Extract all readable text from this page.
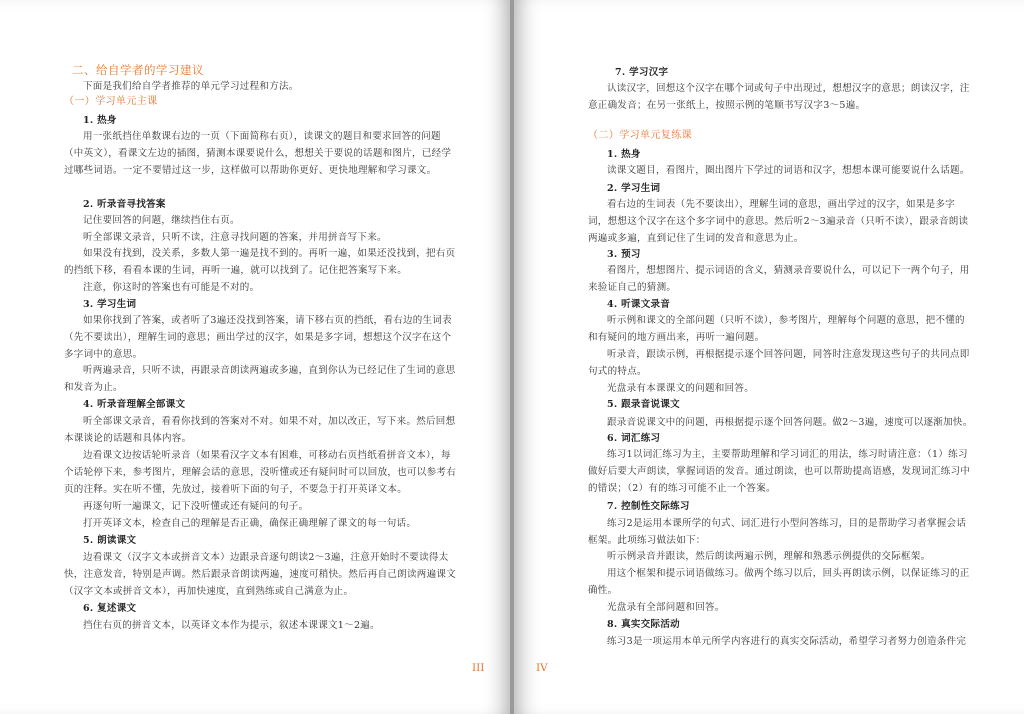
二、给自学者的学习建议
下面是我们给自学者推荐的单元学习过程和方法。
（一）学习单元主课
1. 热身
用一张纸挡住单数课右边的一页（下面简称右页），读课文的题目和要求回答的问题（中英文），看课文左边的插图，猜测本课要说什么，想想关于要说的话题和图片，已经学过哪些词语。一定不要错过这一步，这样做可以帮助你更好、更快地理解和学习课文。
2. 听录音寻找答案
记住要回答的问题，继续挡住右页。
听全部课文录音，只听不读，注意寻找问题的答案，并用拼音写下来。
如果没有找到，没关系，多数人第一遍是找不到的。再听一遍，如果还没找到，把右页的挡纸下移，看看本课的生词，再听一遍，就可以找到了。记住把答案写下来。
注意，你这时的答案也有可能是不对的。
3. 学习生词
如果你找到了答案，或者听了3遍还没找到答案，请下移右页的挡纸，看右边的生词表（先不要读出），理解生词的意思；画出学过的汉字，如果是多字词，想想这个汉字在这个多字词中的意思。
听两遍录音，只听不读，再跟录音朗读两遍或多遍，直到你认为已经记住了生词的意思和发音为止。
4. 听录音理解全部课文
听全部课文录音，看看你找到的答案对不对。如果不对，加以改正，写下来。然后回想本课谈论的话题和具体内容。
边看课文边按话轮听录音（如果看汉字文本有困难，可移动右页挡纸看拼音文本），每个话轮停下来，参考图片，理解会话的意思，没听懂或还有疑问时可以回放，也可以参考右页的注释。实在听不懂，先放过，接着听下面的句子，不要急于打开英译文本。
再逐句听一遍课文，记下没听懂或还有疑问的句子。
打开英译文本，检查自己的理解是否正确，确保正确理解了课文的每一句话。
5. 朗读课文
边看课文（汉字文本或拼音文本）边跟录音逐句朗读2～3遍，注意开始时不要读得太快，注意发音，特别是声调。然后跟录音朗读两遍，速度可稍快。然后再自己朗读两遍课文（汉字文本或拼音文本），再加快速度，直到熟练或自己满意为止。
6. 复述课文
挡住右页的拼音文本，以英译文本作为提示，叙述本课课文1～2遍。
III
7. 学习汉字
认读汉字，回想这个汉字在哪个词或句子中出现过，想想汉字的意思；朗读汉字，注意正确发音；在另一张纸上，按照示例的笔顺书写汉字3～5遍。
（二）学习单元复练课
1. 热身
读课文题目，看图片，圈出图片下学过的词语和汉字，想想本课可能要说什么话题。
2. 学习生词
看右边的生词表（先不要读出），理解生词的意思，画出学过的汉字，如果是多字词，想想这个汉字在这个多字词中的意思。然后听2～3遍录音（只听不读），跟录音朗读两遍或多遍，直到记住了生词的发音和意思为止。
3. 预习
看图片，想想图片、提示词语的含义，猜测录音要说什么，可以记下一两个句子，用来验证自己的猜测。
4. 听课文录音
听示例和课文的全部问题（只听不读），参考图片，理解每个问题的意思，把不懂的和有疑问的地方画出来，再听一遍问题。
听录音，跟读示例，再根据提示逐个回答问题，同答时注意发现这些句子的共同点即句式的特点。
光盘录有本课课文的问题和回答。
5. 跟录音说课文
跟录音说课文中的问题，再根据提示逐个回答问题。做2～3遍，速度可以逐渐加快。
6. 词汇练习
练习1以词汇练习为主，主要帮助理解和学习词汇的用法，练习时请注意：（1）练习做好后要大声朗读，掌握词语的发音。通过朗读，也可以帮助提高语感，发现词汇练习中的错误；（2）有的练习可能不止一个答案。
7. 控制性交际练习
练习2是运用本课所学的句式、词汇进行小型问答练习，目的是帮助学习者掌握会话框架。此项练习做法如下：
听示例录音并跟读，然后朗读两遍示例，理解和熟悉示例提供的交际框架。
用这个框架和提示词语做练习。做两个练习以后，回头再朗读示例，以保证练习的正确性。
光盘录有全部问题和回答。
8. 真实交际活动
练习3是一项运用本单元所学内容进行的真实交际活动，希望学习者努力创造条件完
IV
